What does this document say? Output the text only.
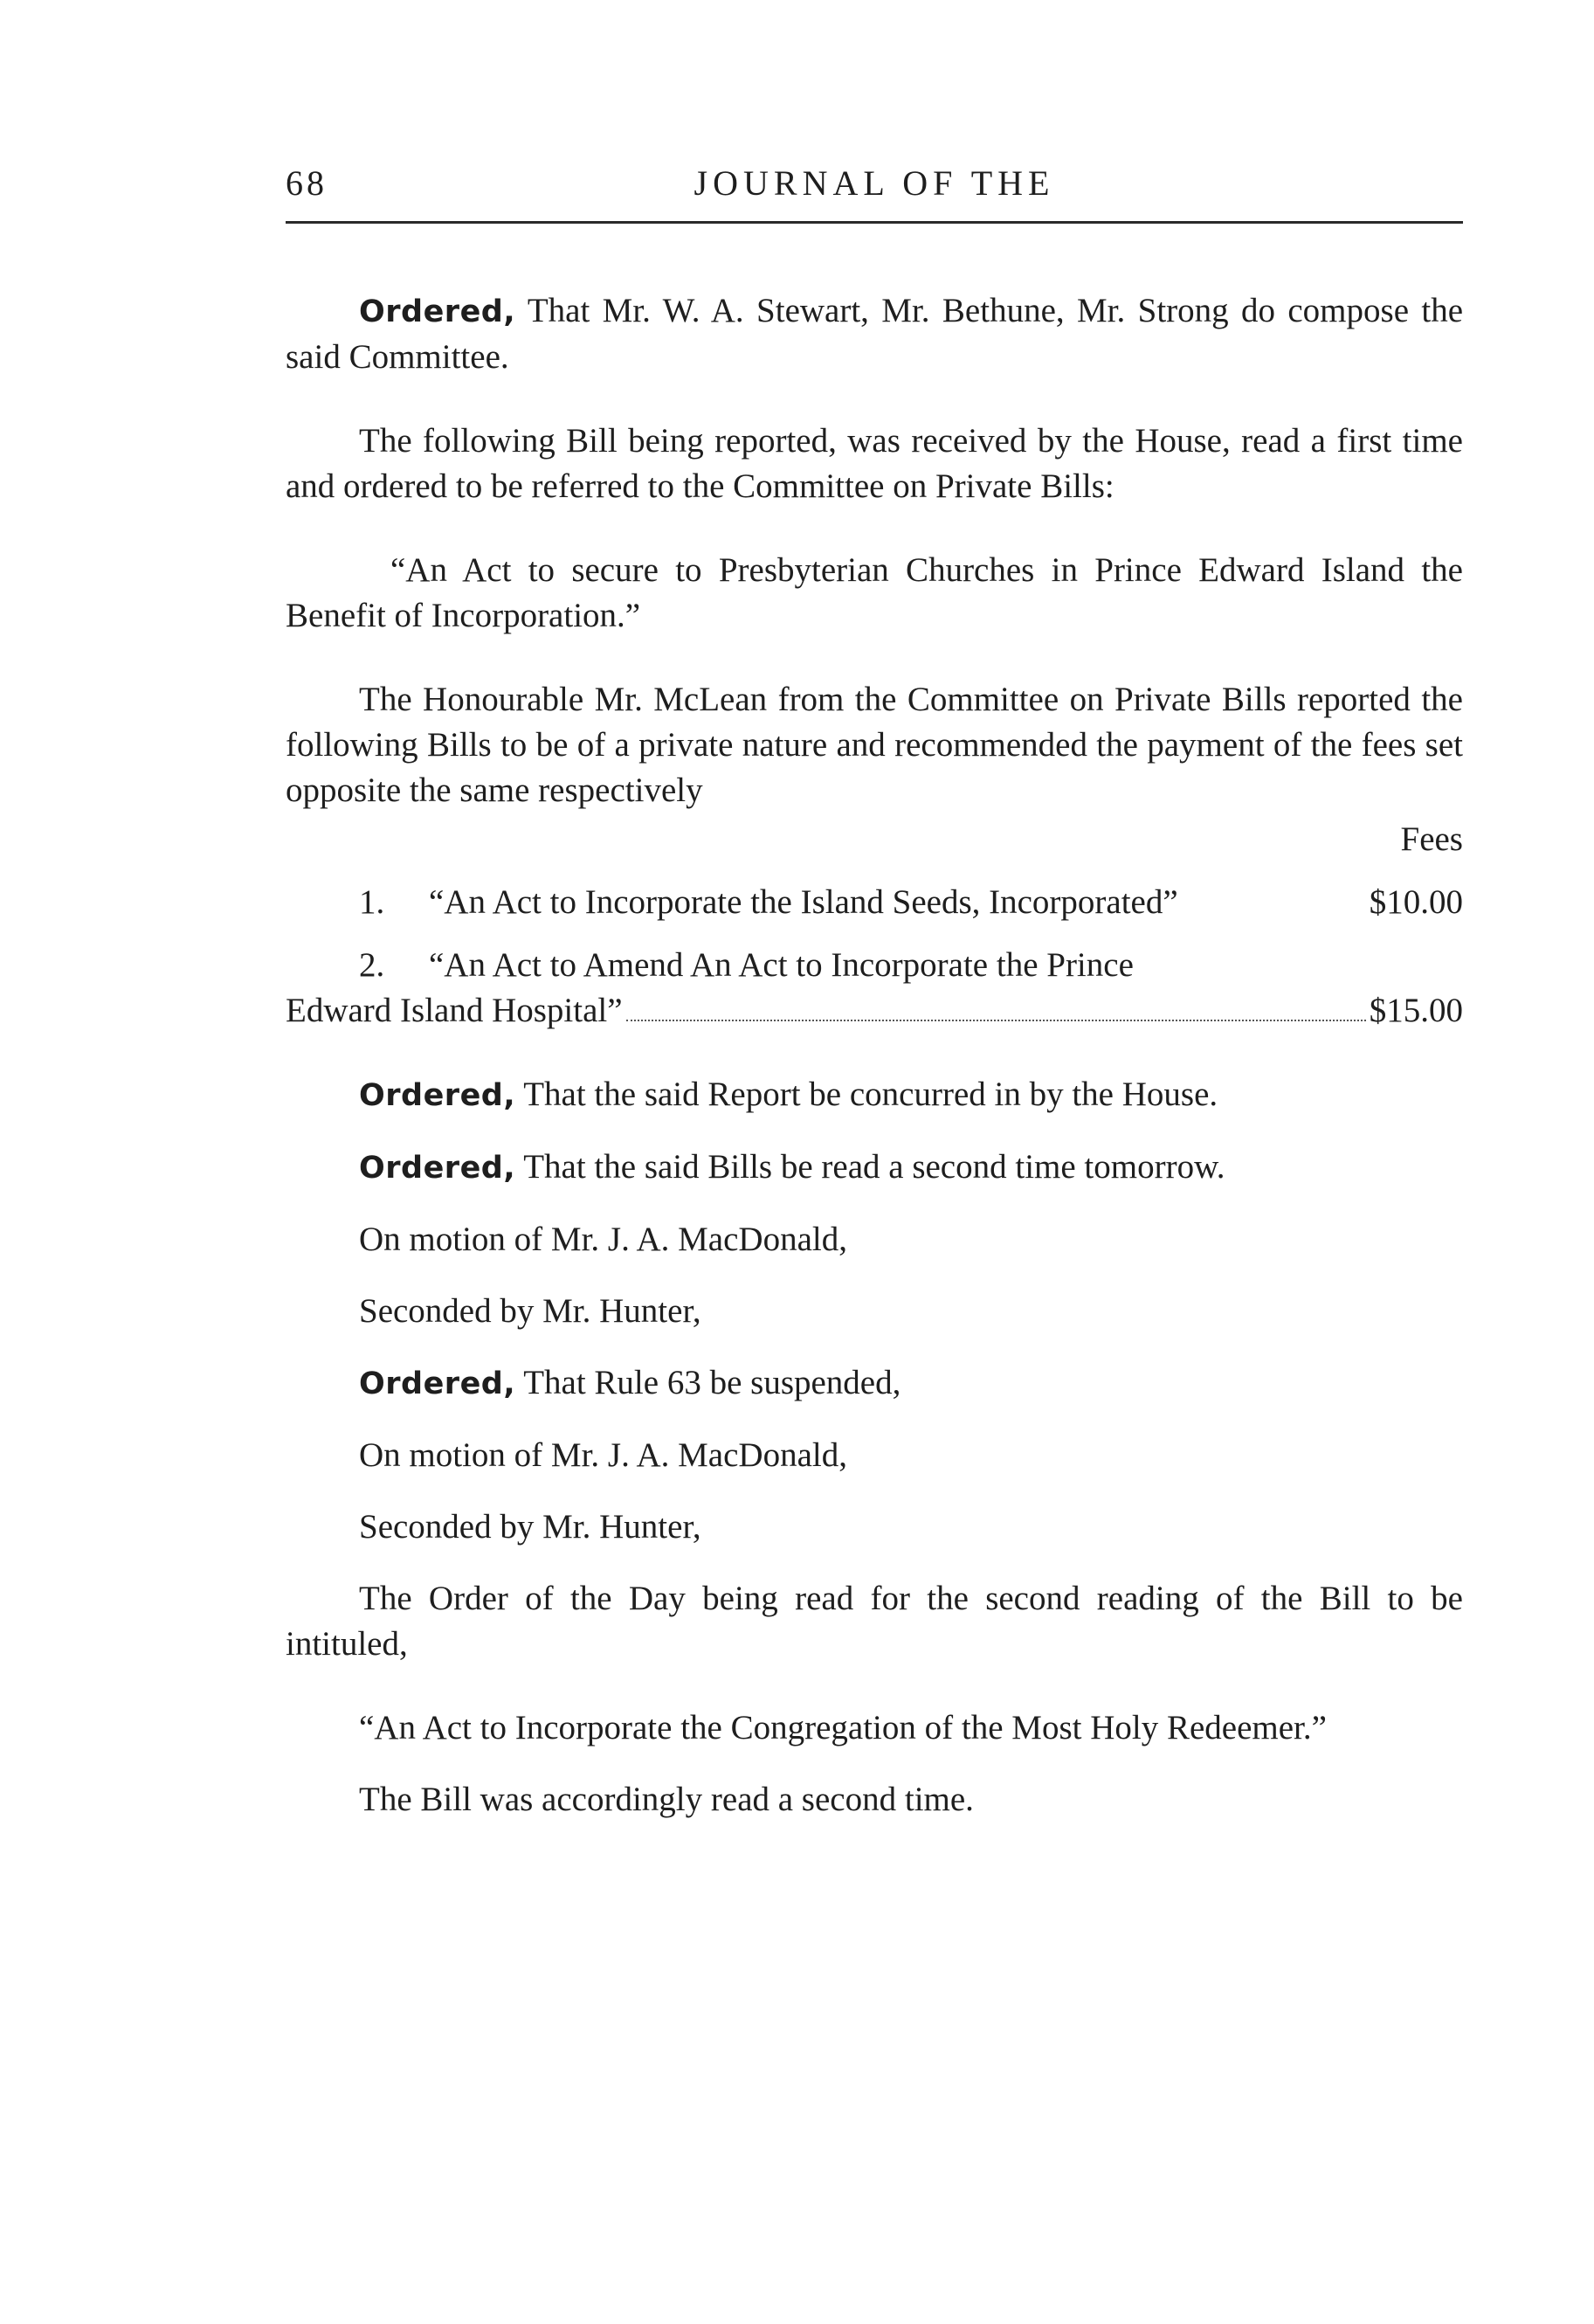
68	JOURNAL OF THE

Ordered, That Mr. W. A. Stewart, Mr. Bethune, Mr. Strong do compose the said Committee.

The following Bill being reported, was received by the House, read a first time and ordered to be referred to the Committee on Private Bills:

“An Act to secure to Presbyterian Churches in Prince Edward Island the Benefit of Incorporation.”

The Honourable Mr. McLean from the Committee on Private Bills reported the following Bills to be of a private nature and recommended the payment of the fees set opposite the same respectively

Fees
1.	“An Act to Incorporate the Island Seeds, Incorporated”	$10.00
2.	“An Act to Amend An Act to Incorporate the Prince
Edward Island Hospital”	$15.00

Ordered, That the said Report be concurred in by the House.

Ordered, That the said Bills be read a second time tomorrow.

On motion of Mr. J. A. MacDonald,

Seconded by Mr. Hunter,

Ordered, That Rule 63 be suspended,

On motion of Mr. J. A. MacDonald,

Seconded by Mr. Hunter,

The Order of the Day being read for the second reading of the Bill to be intituled,

“An Act to Incorporate the Congregation of the Most Holy Redeemer.”

The Bill was accordingly read a second time.
